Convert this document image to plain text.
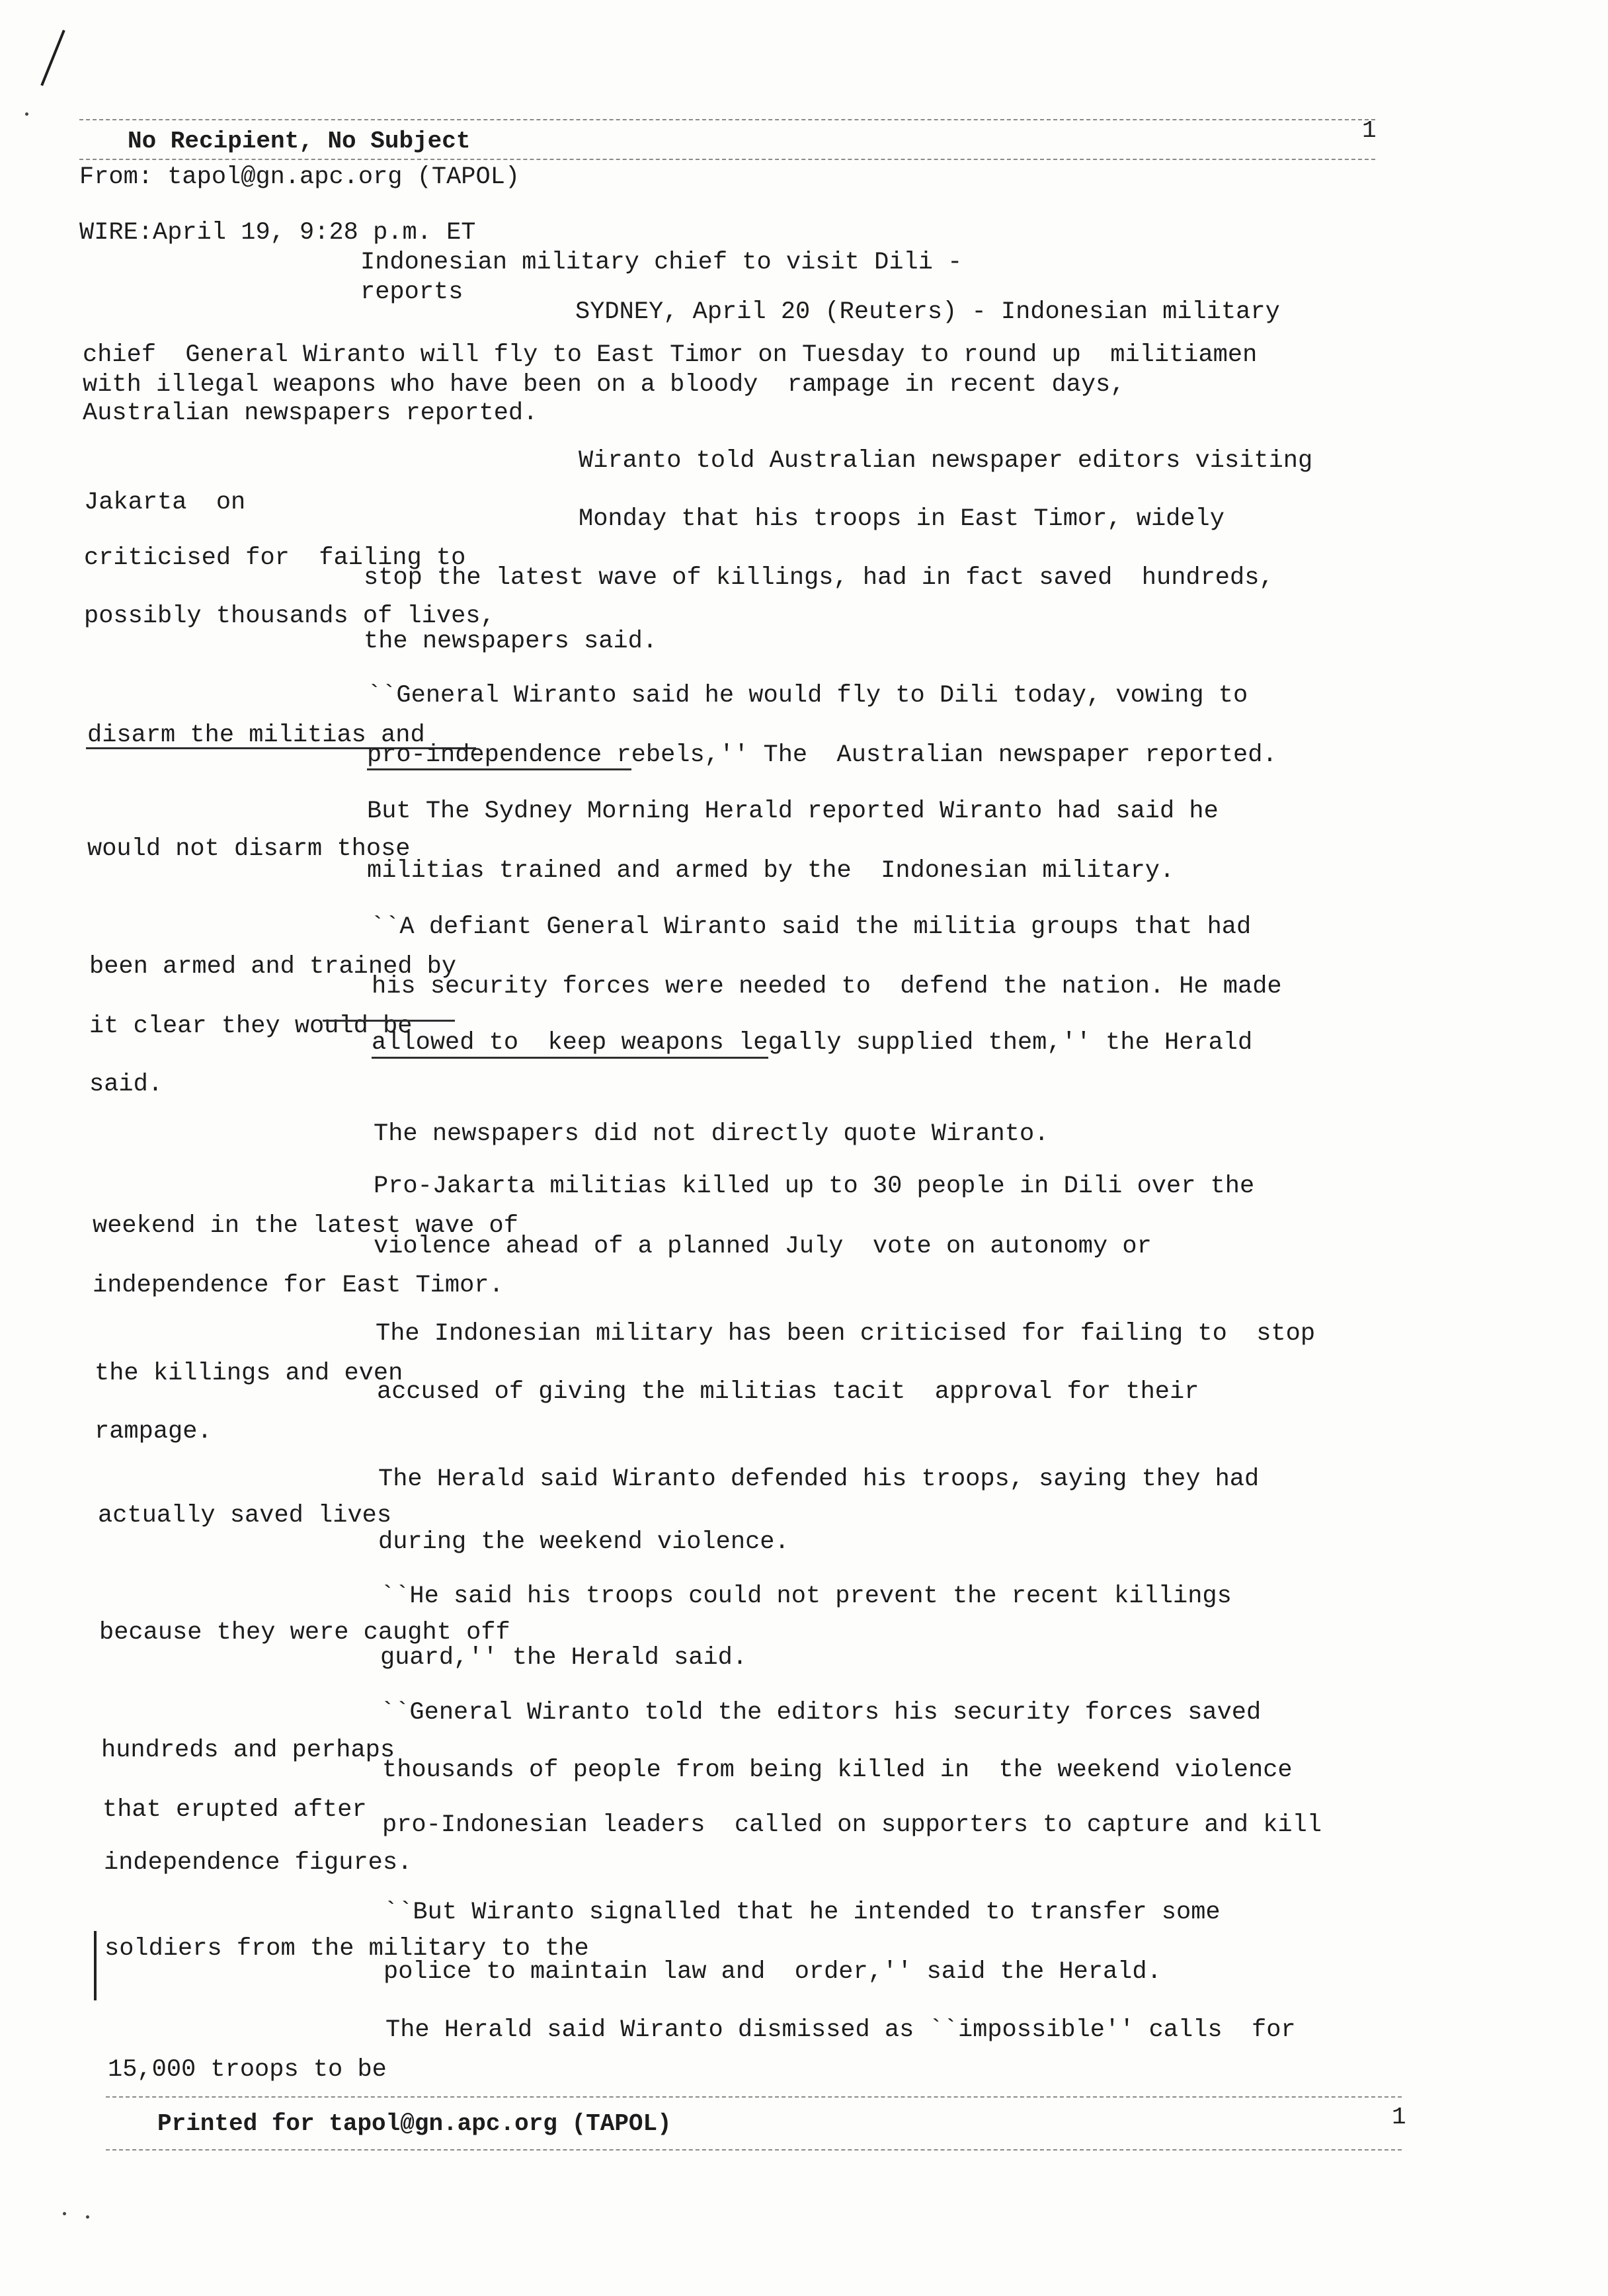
No Recipient, No Subject	1
From: tapol@gn.apc.org (TAPOL)
WIRE:April 19, 9:28 p.m. ET
Indonesian military chief to visit Dili -
reports
SYDNEY, April 20 (Reuters) - Indonesian military
chief  General Wiranto will fly to East Timor on Tuesday to round up  militiamen
with illegal weapons who have been on a bloody  rampage in recent days,
Australian newspapers reported.
Wiranto told Australian newspaper editors visiting
Jakarta  on
Monday that his troops in East Timor, widely
criticised for  failing to
stop the latest wave of killings, had in fact saved  hundreds,
possibly thousands of lives,
the newspapers said.
``General Wiranto said he would fly to Dili today, vowing to
disarm the militias and
pro-independence rebels,'' The  Australian newspaper reported.
But The Sydney Morning Herald reported Wiranto had said he
would not disarm those
militias trained and armed by the  Indonesian military.
``A defiant General Wiranto said the militia groups that had
been armed and trained by
his security forces were needed to  defend the nation. He made
it clear they would be
allowed to  keep weapons legally supplied them,'' the Herald
said.
The newspapers did not directly quote Wiranto.
Pro-Jakarta militias killed up to 30 people in Dili over the
weekend in the latest wave of
violence ahead of a planned July  vote on autonomy or
independence for East Timor.
The Indonesian military has been criticised for failing to  stop
the killings and even
accused of giving the militias tacit  approval for their
rampage.
The Herald said Wiranto defended his troops, saying they had
actually saved lives
during the weekend violence.
``He said his troops could not prevent the recent killings
because they were caught off
guard,'' the Herald said.
``General Wiranto told the editors his security forces saved
hundreds and perhaps
thousands of people from being killed in  the weekend violence
that erupted after
pro-Indonesian leaders  called on supporters to capture and kill
independence figures.
``But Wiranto signalled that he intended to transfer some
soldiers from the military to the
police to maintain law and  order,'' said the Herald.
The Herald said Wiranto dismissed as ``impossible'' calls  for
15,000 troops to be
Printed for tapol@gn.apc.org (TAPOL)	1
